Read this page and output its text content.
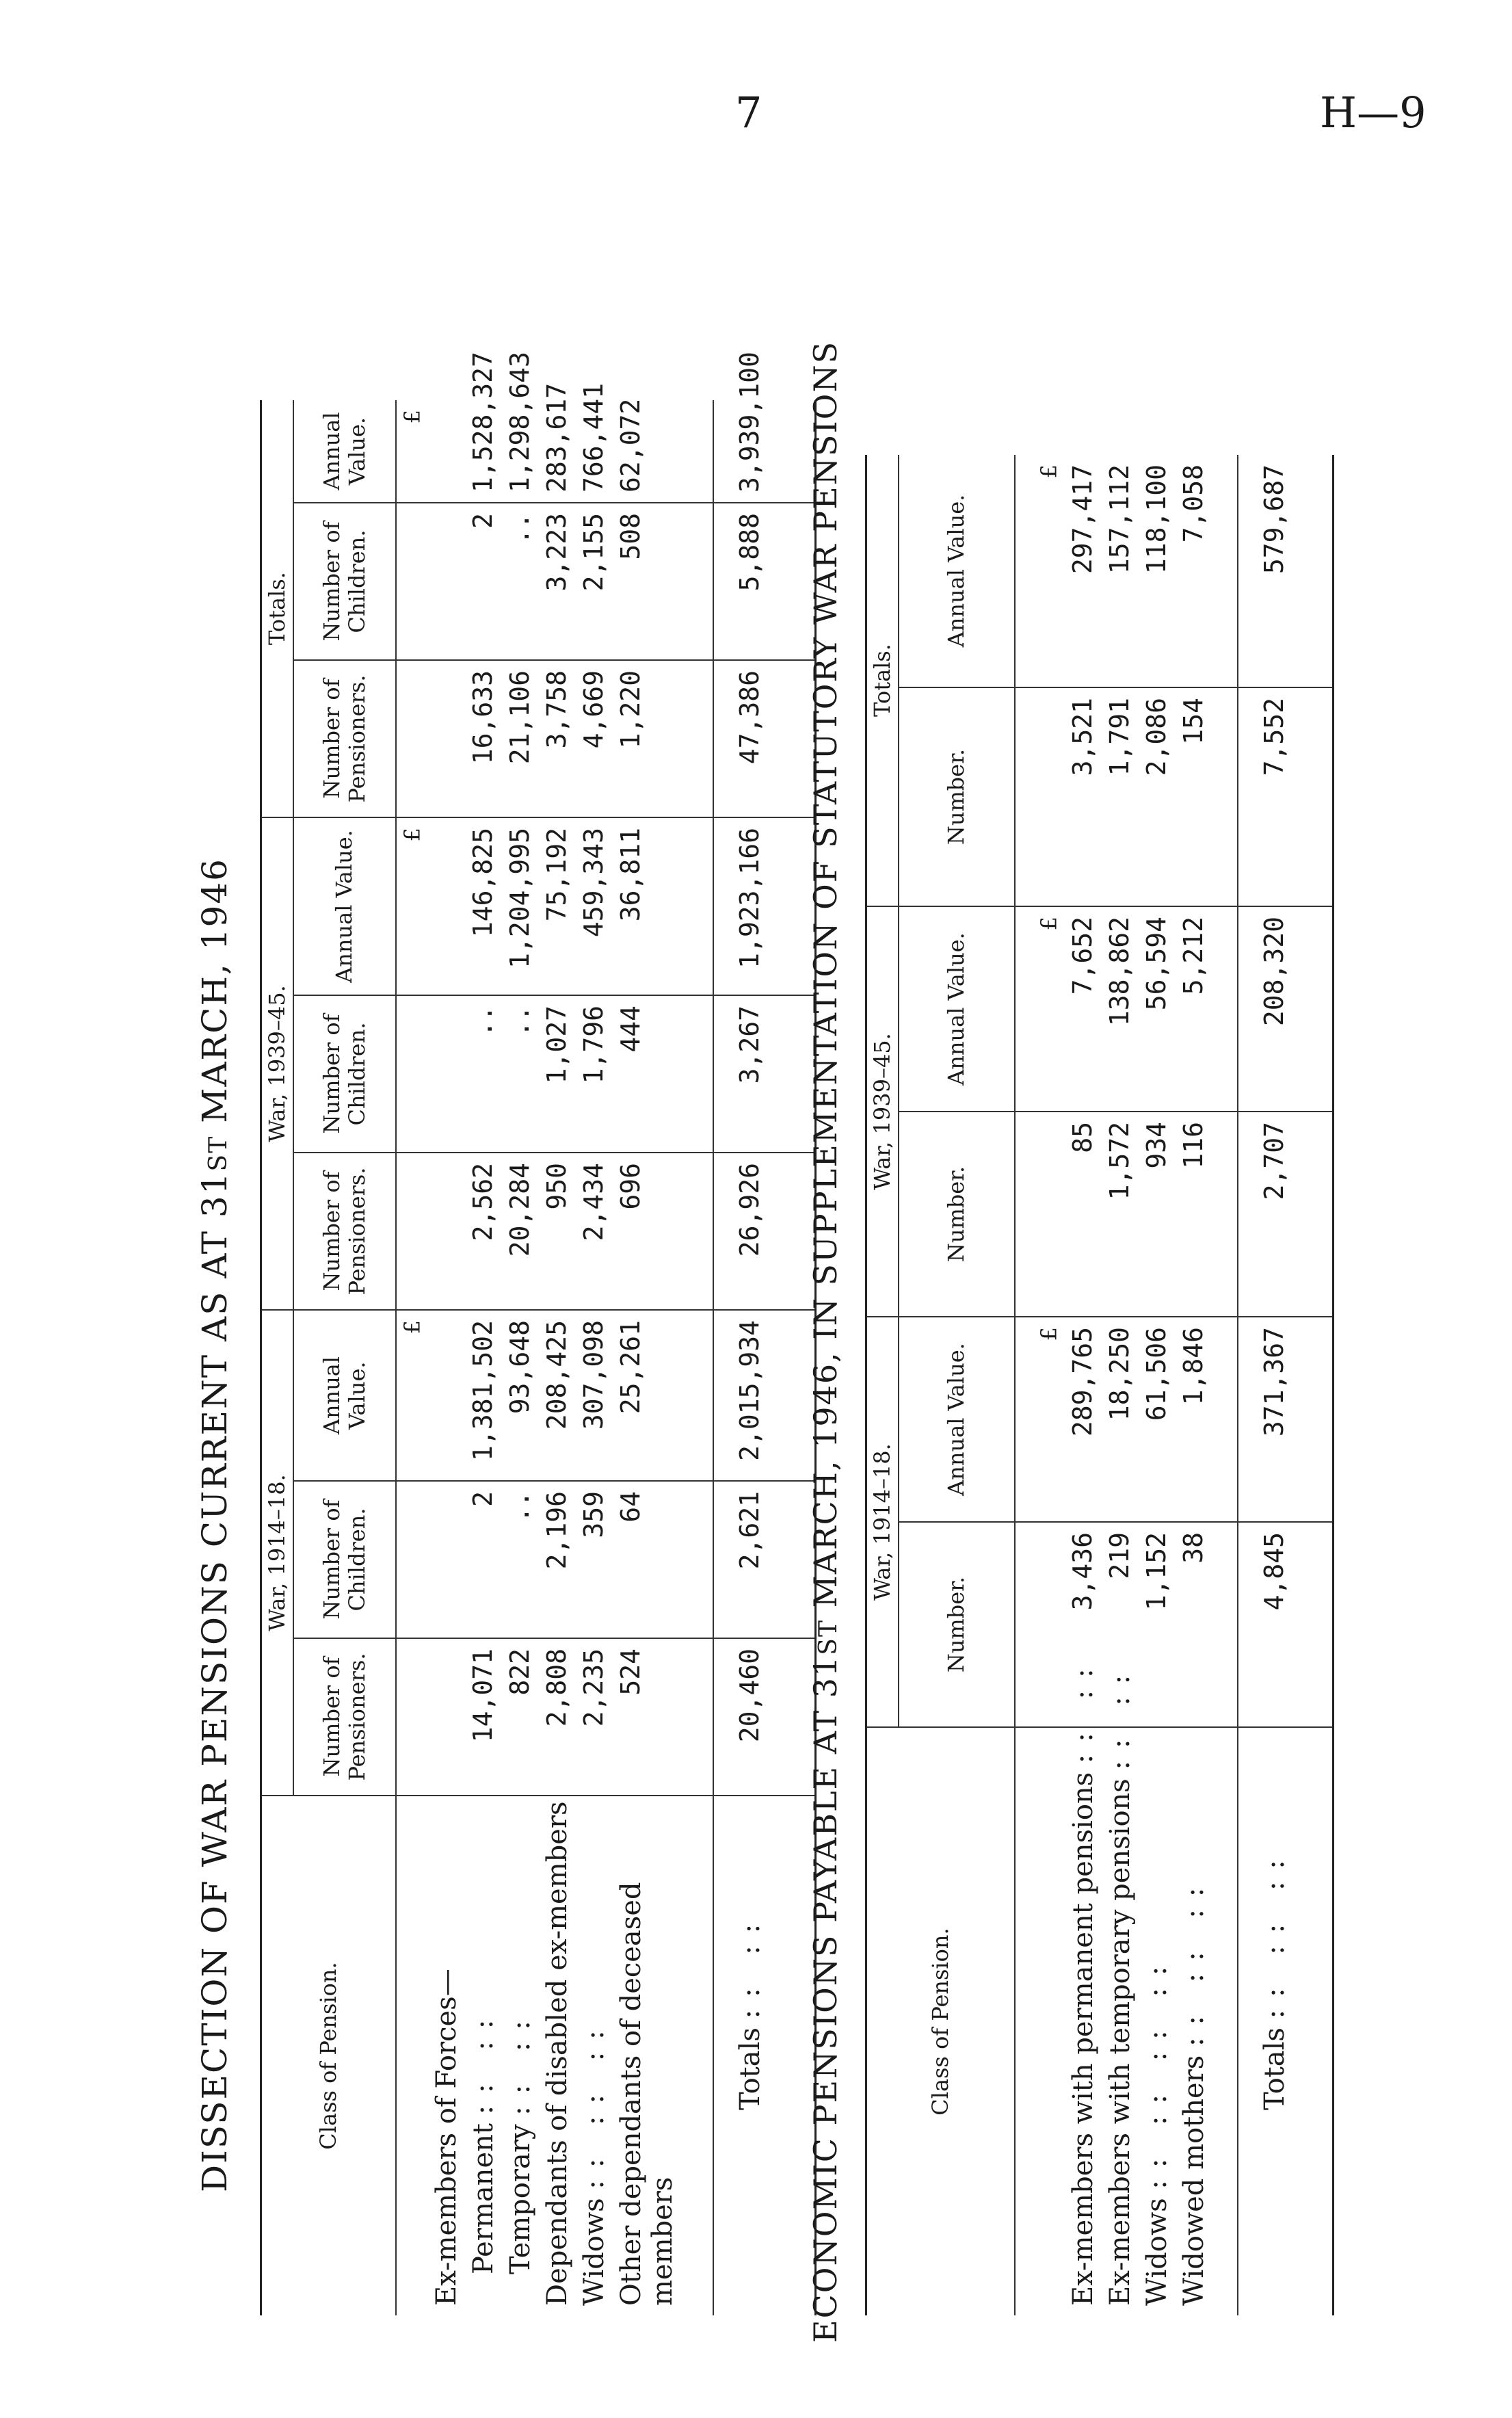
7	H—9
DISSECTION OF WAR PENSIONS CURRENT AS AT 31ST MARCH, 1946
Class of Pension.	War, 1914–18.			War, 1939–45.			Totals.		
	Number of Pensioners.	Number of Children.	Annual Value.	Number of Pensioners.	Number of Children.	Annual Value.	Number of Pensioners.	Number of Children.	Annual Value.
Ex-members of Forces—			£			£			£
Permanent :: ::	14,071	2	1,381,502	2,562	..	146,825	16,633	2	1,528,327
Temporary :: ::	822	..	93,648	20,284	..	1,204,995	21,106	..	1,298,643
Dependants of disabled ex-members	2,808	2,196	208,425	950	1,027	75,192	3,758	3,223	283,617
Widows :: :: ::	2,235	359	307,098	2,434	1,796	459,343	4,669	2,155	766,441
Other dependants of deceased members	524	64	25,261	696	444	36,811	1,220	508	62,072
Totals :: ::	20,460	2,621	2,015,934	26,926	3,267	1,923,166	47,386	5,888	3,939,100
ECONOMIC PENSIONS PAYABLE AT 31ST MARCH, 1946, IN SUPPLEMENTATION OF STATUTORY WAR PENSIONS
Class of Pension.	War, 1914–18.		War, 1939–45.		Totals.	
	Number.	Annual Value.	Number.	Annual Value.	Number.	Annual Value.
		£		£		£
Ex-members with permanent pensions :: ::	3,436	289,765	85	7,652	3,521	297,417
Ex-members with temporary pensions :: ::	219	18,250	1,572	138,862	1,791	157,112
Widows :: :: :: ::	1,152	61,506	934	56,594	2,086	118,100
Widowed mothers :: :: ::	38	1,846	116	5,212	154	7,058
Totals :: :: ::	4,845	371,367	2,707	208,320	7,552	579,687
